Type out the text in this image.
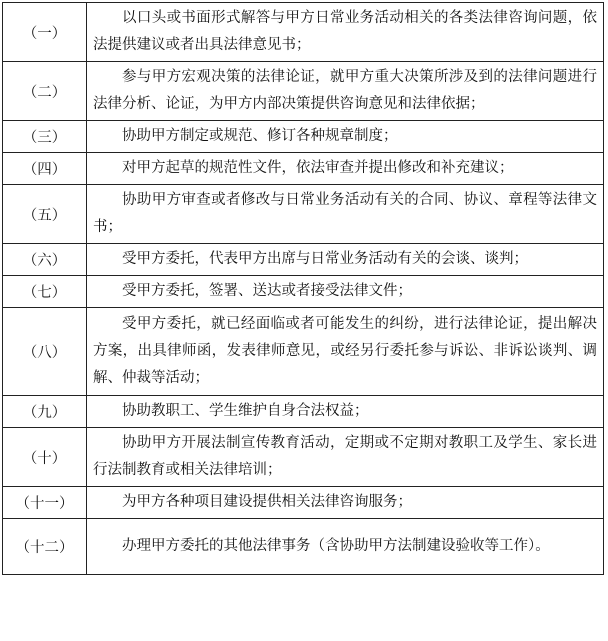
（一）	以口头或书面形式解答与甲方日常业务活动相关的各类法律咨询问题，依法提供建议或者出具法律意见书；

（二）	参与甲方宏观决策的法律论证，就甲方重大决策所涉及到的法律问题进行法律分析、论证，为甲方内部决策提供咨询意见和法律依据；

（三）	协助甲方制定或规范、修订各种规章制度；

（四）	对甲方起草的规范性文件，依法审查并提出修改和补充建议；

（五）	协助甲方审查或者修改与日常业务活动有关的合同、协议、章程等法律文书；

（六）	受甲方委托，代表甲方出席与日常业务活动有关的会谈、谈判；

（七）	受甲方委托，签署、送达或者接受法律文件；

（八）	受甲方委托，就已经面临或者可能发生的纠纷，进行法律论证，提出解决方案，出具律师函，发表律师意见，或经另行委托参与诉讼、非诉讼谈判、调解、仲裁等活动；

（九）	协助教职工、学生维护自身合法权益；

（十）	协助甲方开展法制宣传教育活动，定期或不定期对教职工及学生、家长进行法制教育或相关法律培训；

（十一）	为甲方各种项目建设提供相关法律咨询服务；

（十二）	办理甲方委托的其他法律事务（含协助甲方法制建设验收等工作）。
